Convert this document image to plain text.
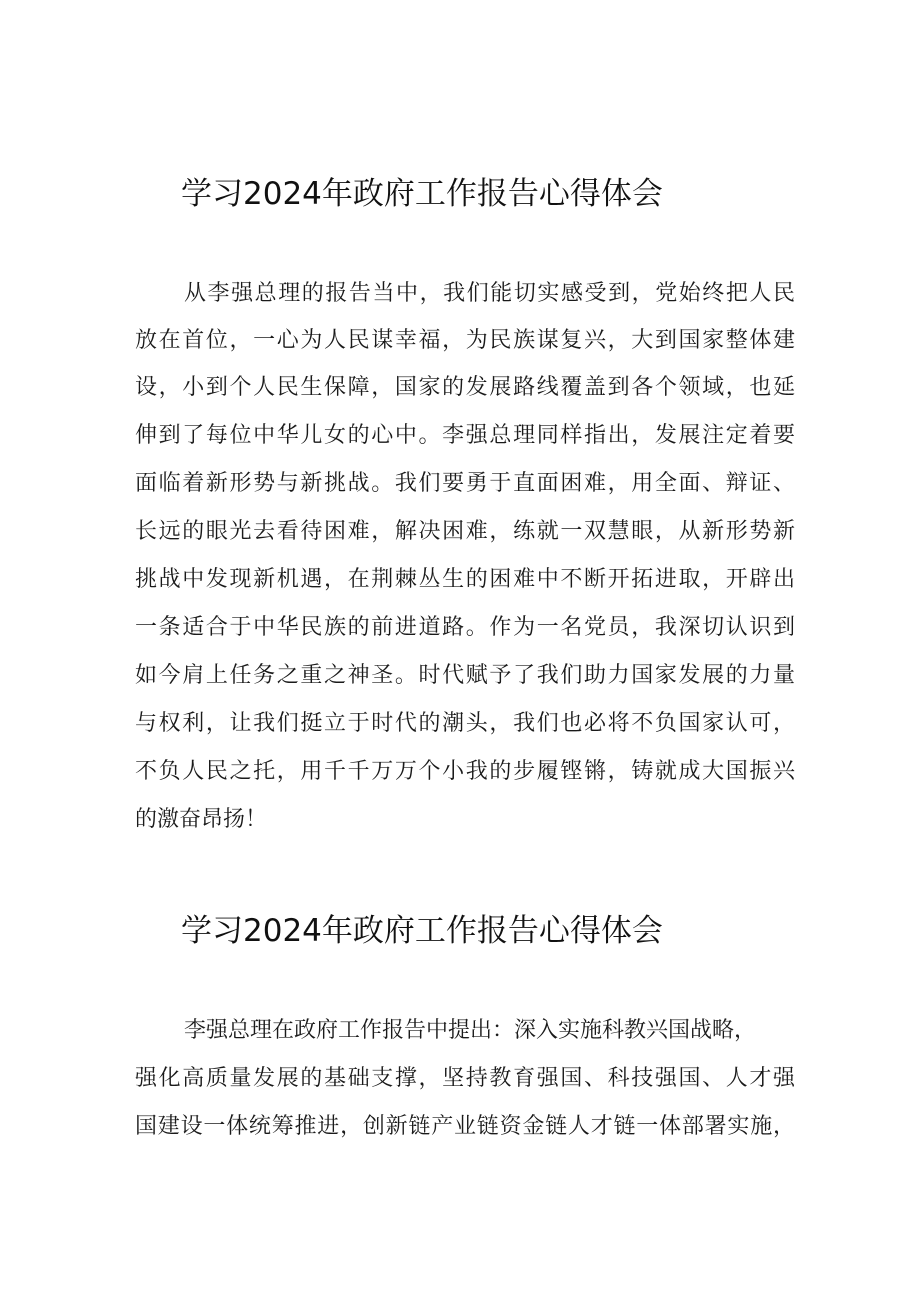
学习2024年政府工作报告心得体会
从李强总理的报告当中，我们能切实感受到，党始终把人民
放在首位，一心为人民谋幸福，为民族谋复兴，大到国家整体建
设，小到个人民生保障，国家的发展路线覆盖到各个领域，也延
伸到了每位中华儿女的心中。李强总理同样指出，发展注定着要
面临着新形势与新挑战。我们要勇于直面困难，用全面、辩证、
长远的眼光去看待困难，解决困难，练就一双慧眼，从新形势新
挑战中发现新机遇，在荆棘丛生的困难中不断开拓进取，开辟出
一条适合于中华民族的前进道路。作为一名党员，我深切认识到
如今肩上任务之重之神圣。时代赋予了我们助力国家发展的力量
与权利，让我们挺立于时代的潮头，我们也必将不负国家认可，
不负人民之托，用千千万万个小我的步履铿锵，铸就成大国振兴
的激奋昂扬！
学习2024年政府工作报告心得体会
李强总理在政府工作报告中提出：深入实施科教兴国战略，
强化高质量发展的基础支撑，坚持教育强国、科技强国、人才强
国建设一体统筹推进，创新链产业链资金链人才链一体部署实施，
